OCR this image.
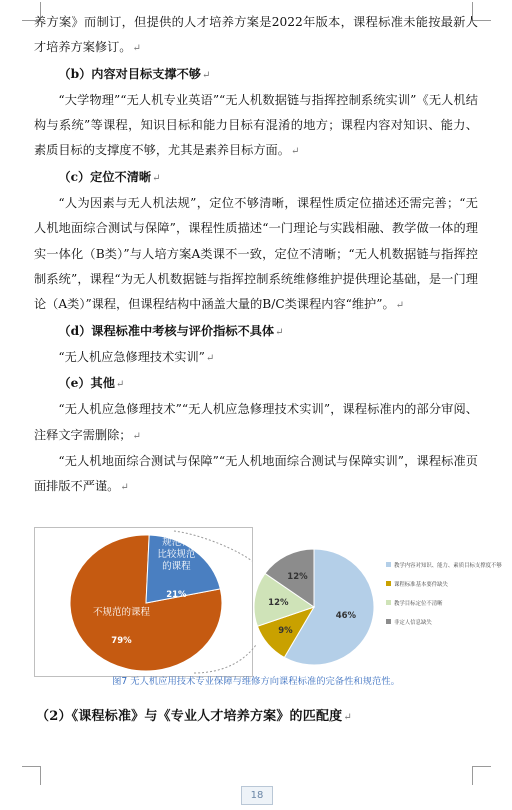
养方案》而制订，但提供的人才培养方案是2022年版本，课程标准未能按最新人才培养方案修订。↵

（b）内容对目标支撑不够↵

“大学物理”“无人机专业英语”“无人机数据链与指挥控制系统实训”《无人机结构与系统”等课程，知识目标和能力目标有混淆的地方；课程内容对知识、能力、素质目标的支撑度不够，尤其是素养目标方面。↵

（c）定位不清晰↵

“人为因素与无人机法规”，定位不够清晰，课程性质定位描述还需完善；“无人机地面综合测试与保障”，课程性质描述“一门理论与实践相融、教学做一体的理实一体化（B类）”与人培方案A类课不一致，定位不清晰；“无人机数据链与指挥控制系统”，课程“为无人机数据链与指挥控制系统维修维护提供理论基础，是一门理论（A类）”课程，但课程结构中涵盖大量的B/C类课程内容“维护”。↵

（d）课程标准中考核与评价指标不具体↵

“无人机应急修理技术实训”↵

（e）其他↵

“无人机应急修理技术”“无人机应急修理技术实训”，课程标准内的部分审阅、注释文字需删除；↵

“无人机地面综合测试与保障”“无人机地面综合测试与保障实训”，课程标准页面排版不严谨。↵

不规范的课程
79%
规范和
比较规范
的课程
21%
46%
9%
12%
12%
教学内容对知识、能力、素质目标支撑度不够
课程标准基本要件缺失
教学目标定位不清晰
非定人信息缺失
图7 无人机应用技术专业保障与维修方向课程标准的完备性和规范性。
（2）《课程标准》与《专业人才培养方案》的匹配度↵
18
